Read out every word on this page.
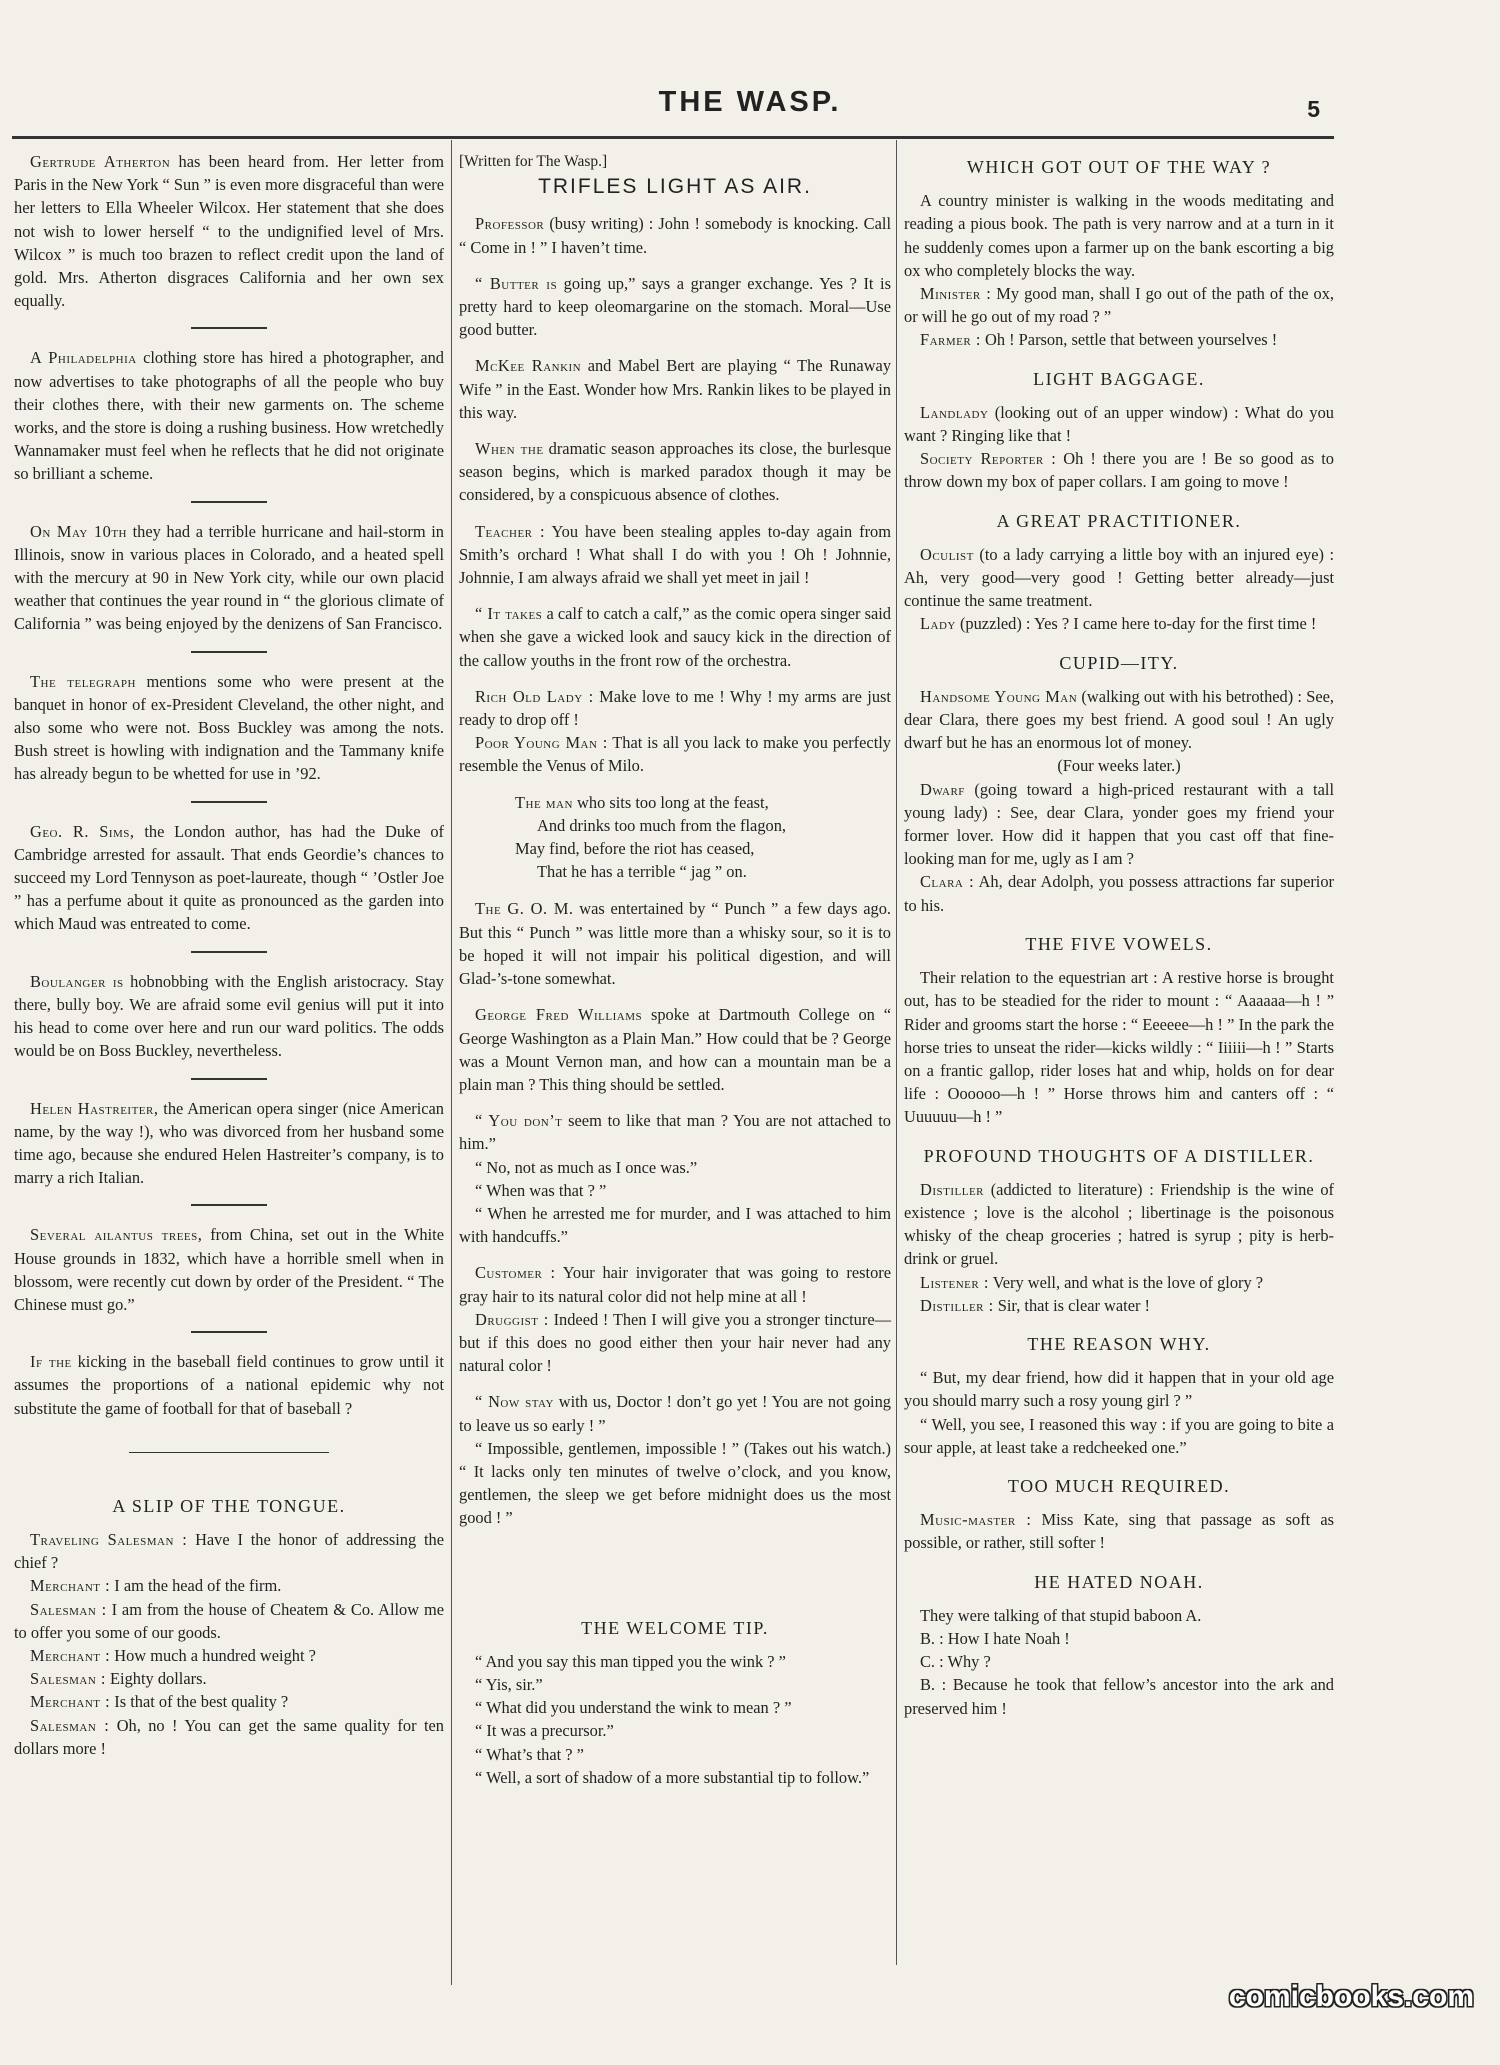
THE WASP.	5

Gertrude Atherton has been heard from. Her letter from Paris in the New York “ Sun ” is even more disgraceful than were her letters to Ella Wheeler Wilcox. Her statement that she does not wish to lower herself “ to the undignified level of Mrs. Wilcox ” is much too brazen to reflect credit upon the land of gold. Mrs. Atherton disgraces California and her own sex equally.

A Philadelphia clothing store has hired a photographer, and now advertises to take photographs of all the people who buy their clothes there, with their new garments on. The scheme works, and the store is doing a rushing business. How wretchedly Wannamaker must feel when he reflects that he did not originate so brilliant a scheme.

On May 10th they had a terrible hurricane and hail-storm in Illinois, snow in various places in Colorado, and a heated spell with the mercury at 90 in New York city, while our own placid weather that continues the year round in “ the glorious climate of California ” was being enjoyed by the denizens of San Francisco.

The telegraph mentions some who were present at the banquet in honor of ex-President Cleveland, the other night, and also some who were not. Boss Buckley was among the nots. Bush street is howling with indignation and the Tammany knife has already begun to be whetted for use in ’92.

Geo. R. Sims, the London author, has had the Duke of Cambridge arrested for assault. That ends Geordie’s chances to succeed my Lord Tennyson as poet-laureate, though “ ’Ostler Joe ” has a perfume about it quite as pronounced as the garden into which Maud was entreated to come.

Boulanger is hobnobbing with the English aristocracy. Stay there, bully boy. We are afraid some evil genius will put it into his head to come over here and run our ward politics. The odds would be on Boss Buckley, nevertheless.

Helen Hastreiter, the American opera singer (nice American name, by the way !), who was divorced from her husband some time ago, because she endured Helen Hastreiter’s company, is to marry a rich Italian.

Several ailantus trees, from China, set out in the White House grounds in 1832, which have a horrible smell when in blossom, were recently cut down by order of the President. “ The Chinese must go.”

If the kicking in the baseball field continues to grow until it assumes the proportions of a national epidemic why not substitute the game of football for that of baseball ?

A SLIP OF THE TONGUE.

Traveling Salesman : Have I the honor of addressing the chief ?

Merchant : I am the head of the firm.

Salesman : I am from the house of Cheatem & Co. Allow me to offer you some of our goods.

Merchant : How much a hundred weight ?

Salesman : Eighty dollars.

Merchant : Is that of the best quality ?

Salesman : Oh, no ! You can get the same quality for ten dollars more !

[Written for The Wasp.]

TRIFLES LIGHT AS AIR.

Professor (busy writing) : John ! somebody is knocking. Call “ Come in ! ” I haven’t time.

“ Butter is going up,” says a granger exchange. Yes ? It is pretty hard to keep oleomargarine on the stomach. Moral—Use good butter.

McKee Rankin and Mabel Bert are playing “ The Runaway Wife ” in the East. Wonder how Mrs. Rankin likes to be played in this way.

When the dramatic season approaches its close, the burlesque season begins, which is marked paradox though it may be considered, by a conspicuous absence of clothes.

Teacher : You have been stealing apples to-day again from Smith’s orchard ! What shall I do with you ! Oh ! Johnnie, Johnnie, I am always afraid we shall yet meet in jail !

“ It takes a calf to catch a calf,” as the comic opera singer said when she gave a wicked look and saucy kick in the direction of the callow youths in the front row of the orchestra.

Rich Old Lady : Make love to me ! Why ! my arms are just ready to drop off !

Poor Young Man : That is all you lack to make you perfectly resemble the Venus of Milo.

The man who sits too long at the feast,
And drinks too much from the flagon,
May find, before the riot has ceased,
That he has a terrible “ jag ” on.

The G. O. M. was entertained by “ Punch ” a few days ago. But this “ Punch ” was little more than a whisky sour, so it is to be hoped it will not impair his political digestion, and will Glad-’s-tone somewhat.

George Fred Williams spoke at Dartmouth College on “ George Washington as a Plain Man.” How could that be ? George was a Mount Vernon man, and how can a mountain man be a plain man ? This thing should be settled.

“ You don’t seem to like that man ? You are not attached to him.”

“ No, not as much as I once was.”

“ When was that ? ”

“ When he arrested me for murder, and I was attached to him with handcuffs.”

Customer : Your hair invigorater that was going to restore gray hair to its natural color did not help mine at all !

Druggist : Indeed ! Then I will give you a stronger tincture—but if this does no good either then your hair never had any natural color !

“ Now stay with us, Doctor ! don’t go yet ! You are not going to leave us so early ! ”

“ Impossible, gentlemen, impossible ! ” (Takes out his watch.) “ It lacks only ten minutes of twelve o’clock, and you know, gentlemen, the sleep we get before midnight does us the most good ! ”

THE WELCOME TIP.

“ And you say this man tipped you the wink ? ”

“ Yis, sir.”

“ What did you understand the wink to mean ? ”

“ It was a precursor.”

“ What’s that ? ”

“ Well, a sort of shadow of a more substantial tip to follow.”

WHICH GOT OUT OF THE WAY ?

A country minister is walking in the woods meditating and reading a pious book. The path is very narrow and at a turn in it he suddenly comes upon a farmer up on the bank escorting a big ox who completely blocks the way.

Minister : My good man, shall I go out of the path of the ox, or will he go out of my road ? ”

Farmer : Oh ! Parson, settle that between yourselves !

LIGHT BAGGAGE.

Landlady (looking out of an upper window) : What do you want ? Ringing like that !

Society Reporter : Oh ! there you are ! Be so good as to throw down my box of paper collars. I am going to move !

A GREAT PRACTITIONER.

Oculist (to a lady carrying a little boy with an injured eye) : Ah, very good—very good ! Getting better already—just continue the same treatment.

Lady (puzzled) : Yes ? I came here to-day for the first time !

CUPID—ITY.

Handsome Young Man (walking out with his betrothed) : See, dear Clara, there goes my best friend. A good soul ! An ugly dwarf but he has an enormous lot of money.

(Four weeks later.)

Dwarf (going toward a high-priced restaurant with a tall young lady) : See, dear Clara, yonder goes my friend your former lover. How did it happen that you cast off that fine-looking man for me, ugly as I am ?

Clara : Ah, dear Adolph, you possess attractions far superior to his.

THE FIVE VOWELS.

Their relation to the equestrian art : A restive horse is brought out, has to be steadied for the rider to mount : “ Aaaaaa—h ! ” Rider and grooms start the horse : “ Eeeeee—h ! ” In the park the horse tries to unseat the rider—kicks wildly : “ Iiiiii—h ! ” Starts on a frantic gallop, rider loses hat and whip, holds on for dear life : Oooooo—h ! ” Horse throws him and canters off : “ Uuuuuu—h ! ”

PROFOUND THOUGHTS OF A DISTILLER.

Distiller (addicted to literature) : Friendship is the wine of existence ; love is the alcohol ; libertinage is the poisonous whisky of the cheap groceries ; hatred is syrup ; pity is herb-drink or gruel.

Listener : Very well, and what is the love of glory ?

Distiller : Sir, that is clear water !

THE REASON WHY.

“ But, my dear friend, how did it happen that in your old age you should marry such a rosy young girl ? ”

“ Well, you see, I reasoned this way : if you are going to bite a sour apple, at least take a redcheeked one.”

TOO MUCH REQUIRED.

Music-master : Miss Kate, sing that passage as soft as possible, or rather, still softer !

HE HATED NOAH.

They were talking of that stupid baboon A.

B. : How I hate Noah !

C. : Why ?

B. : Because he took that fellow’s ancestor into the ark and preserved him !

comicbooks.com
